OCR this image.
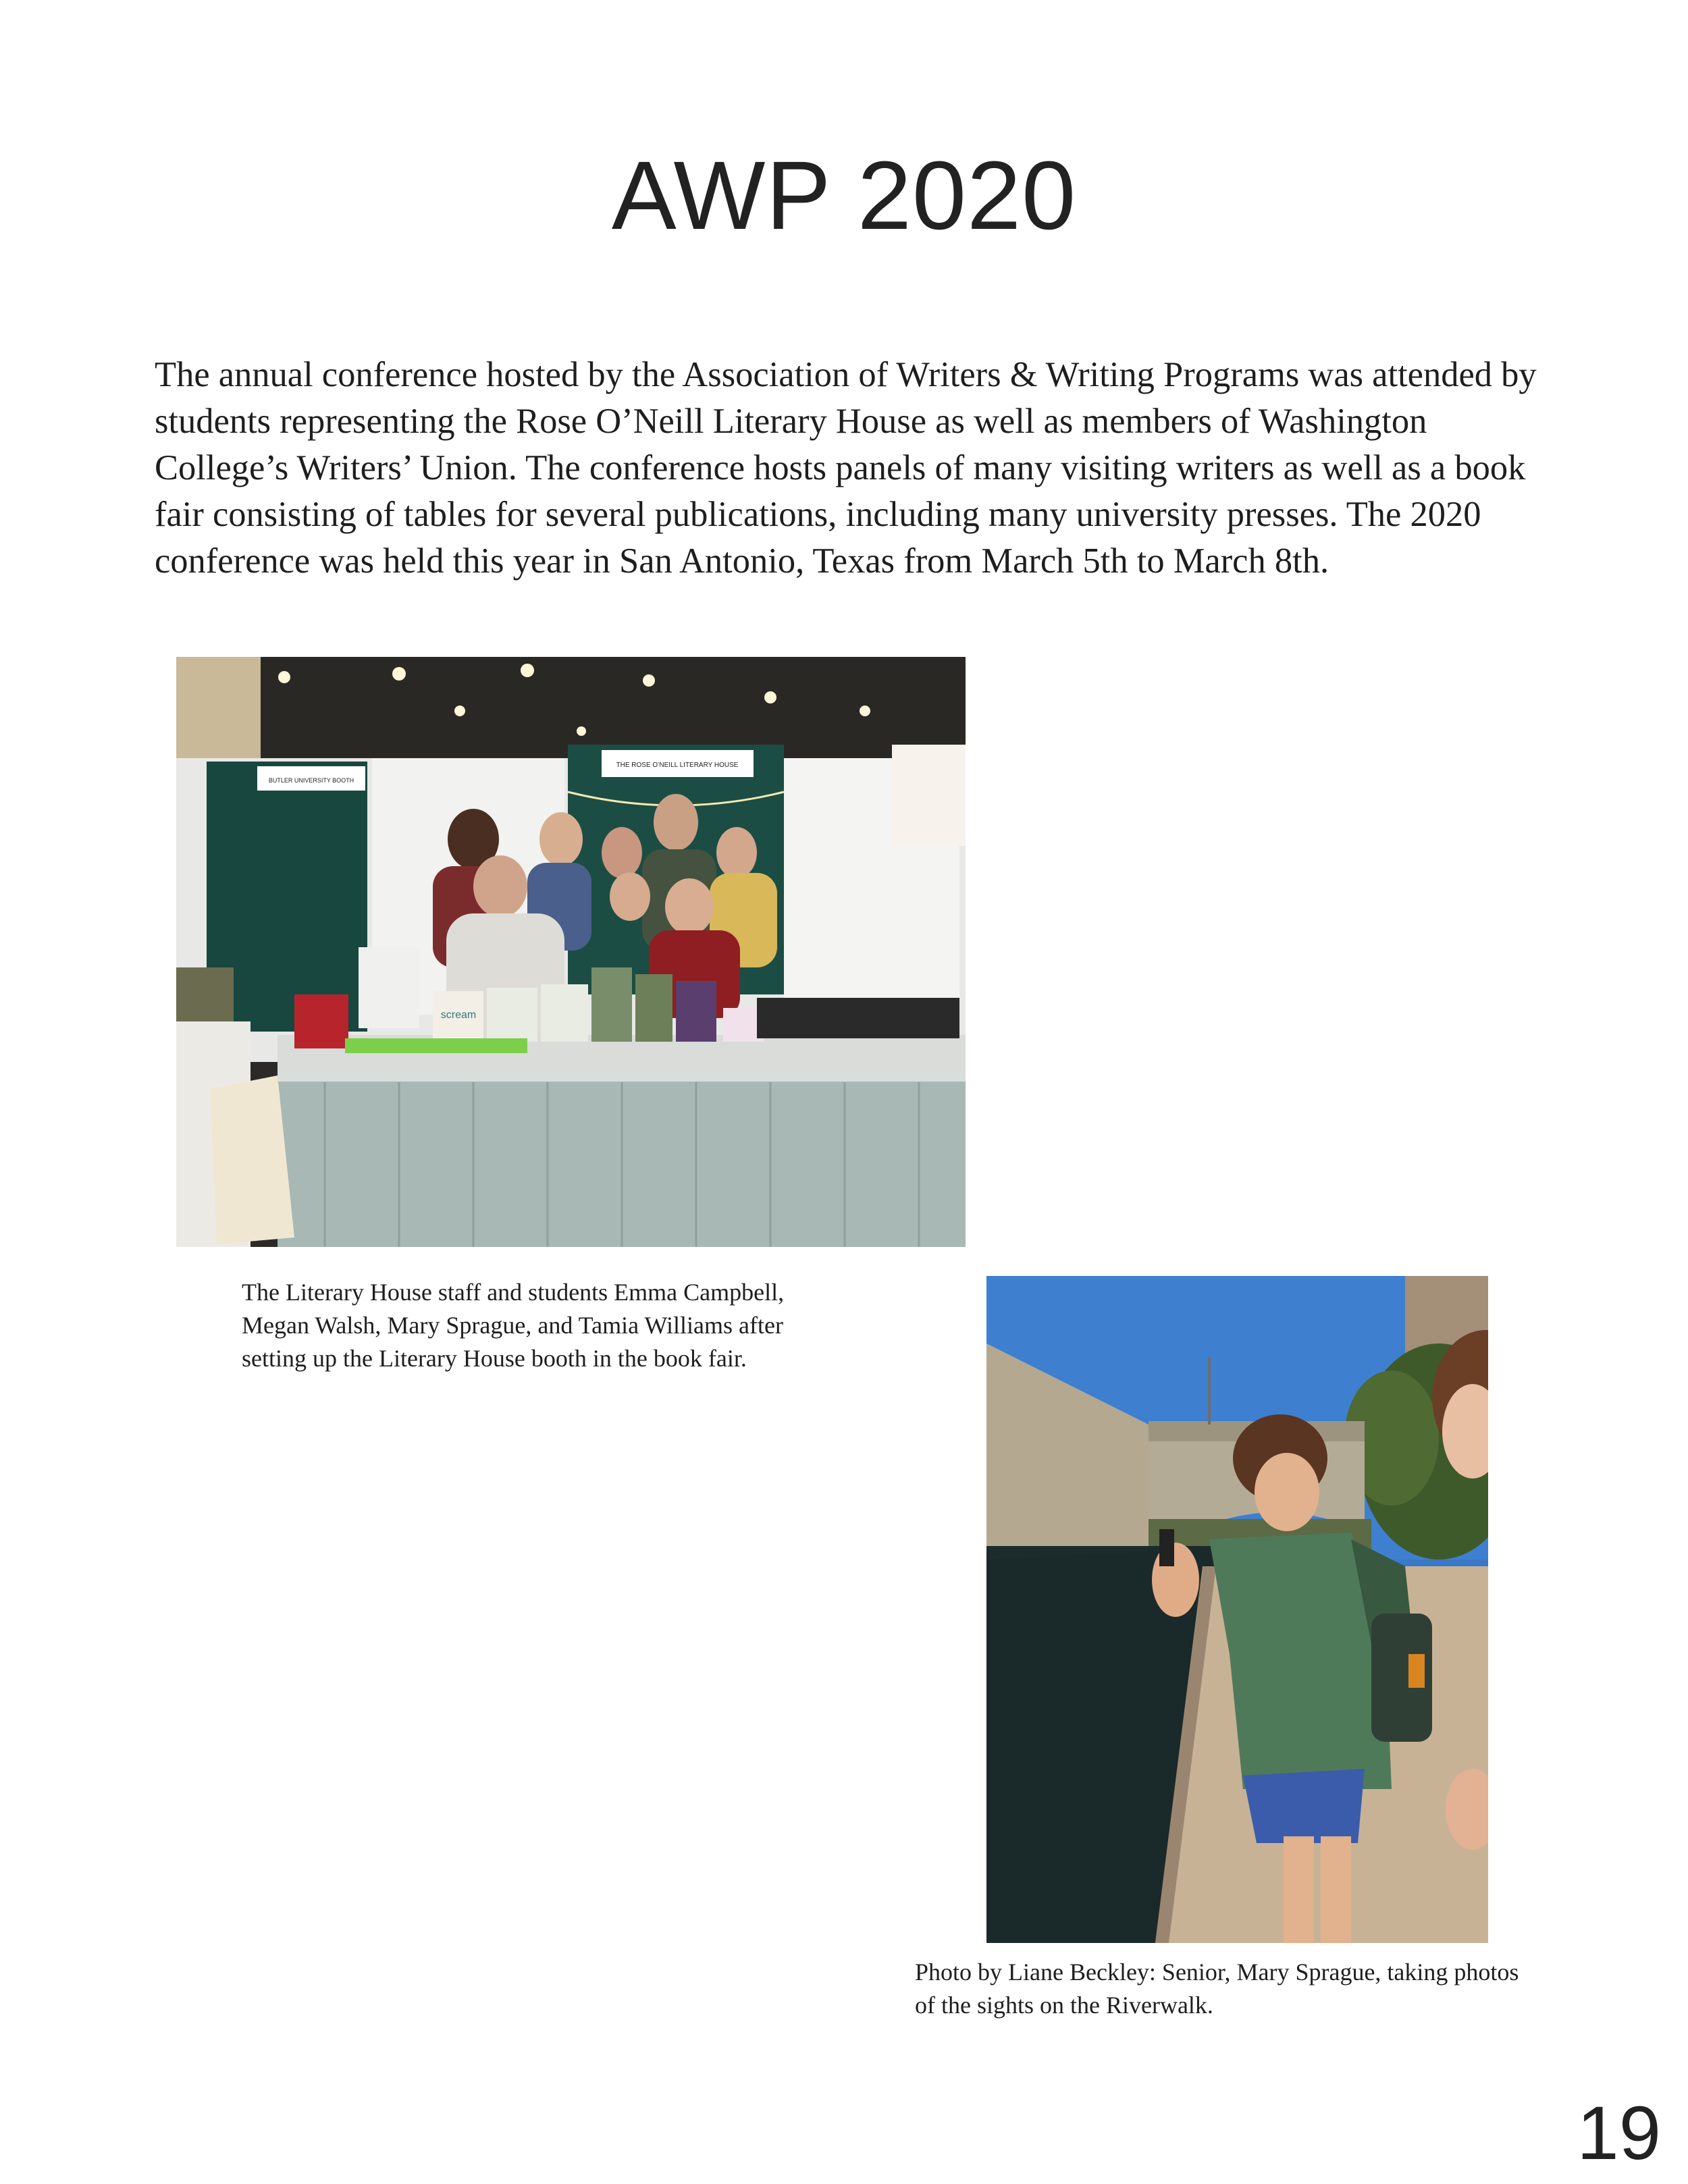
AWP 2020

The annual conference hosted by the Association of Writers & Writing Programs was attended by students representing the Rose O’Neill Literary House as well as members of Washington College’s Writers’ Union. The conference hosts panels of many visiting writers as well as a book fair consisting of tables for several publications, including many university presses. The 2020 conference was held this year in San Antonio, Texas from March 5th to March 8th.

BUTLER UNIVERSITY BOOTH
THE ROSE O’NEILL LITERARY HOUSE
scream

The Literary House staff and students Emma Campbell, Megan Walsh, Mary Sprague, and Tamia Williams after setting up the Literary House booth in the book fair.

Photo by Liane Beckley: Senior, Mary Sprague, taking photos of the sights on the Riverwalk.

19
